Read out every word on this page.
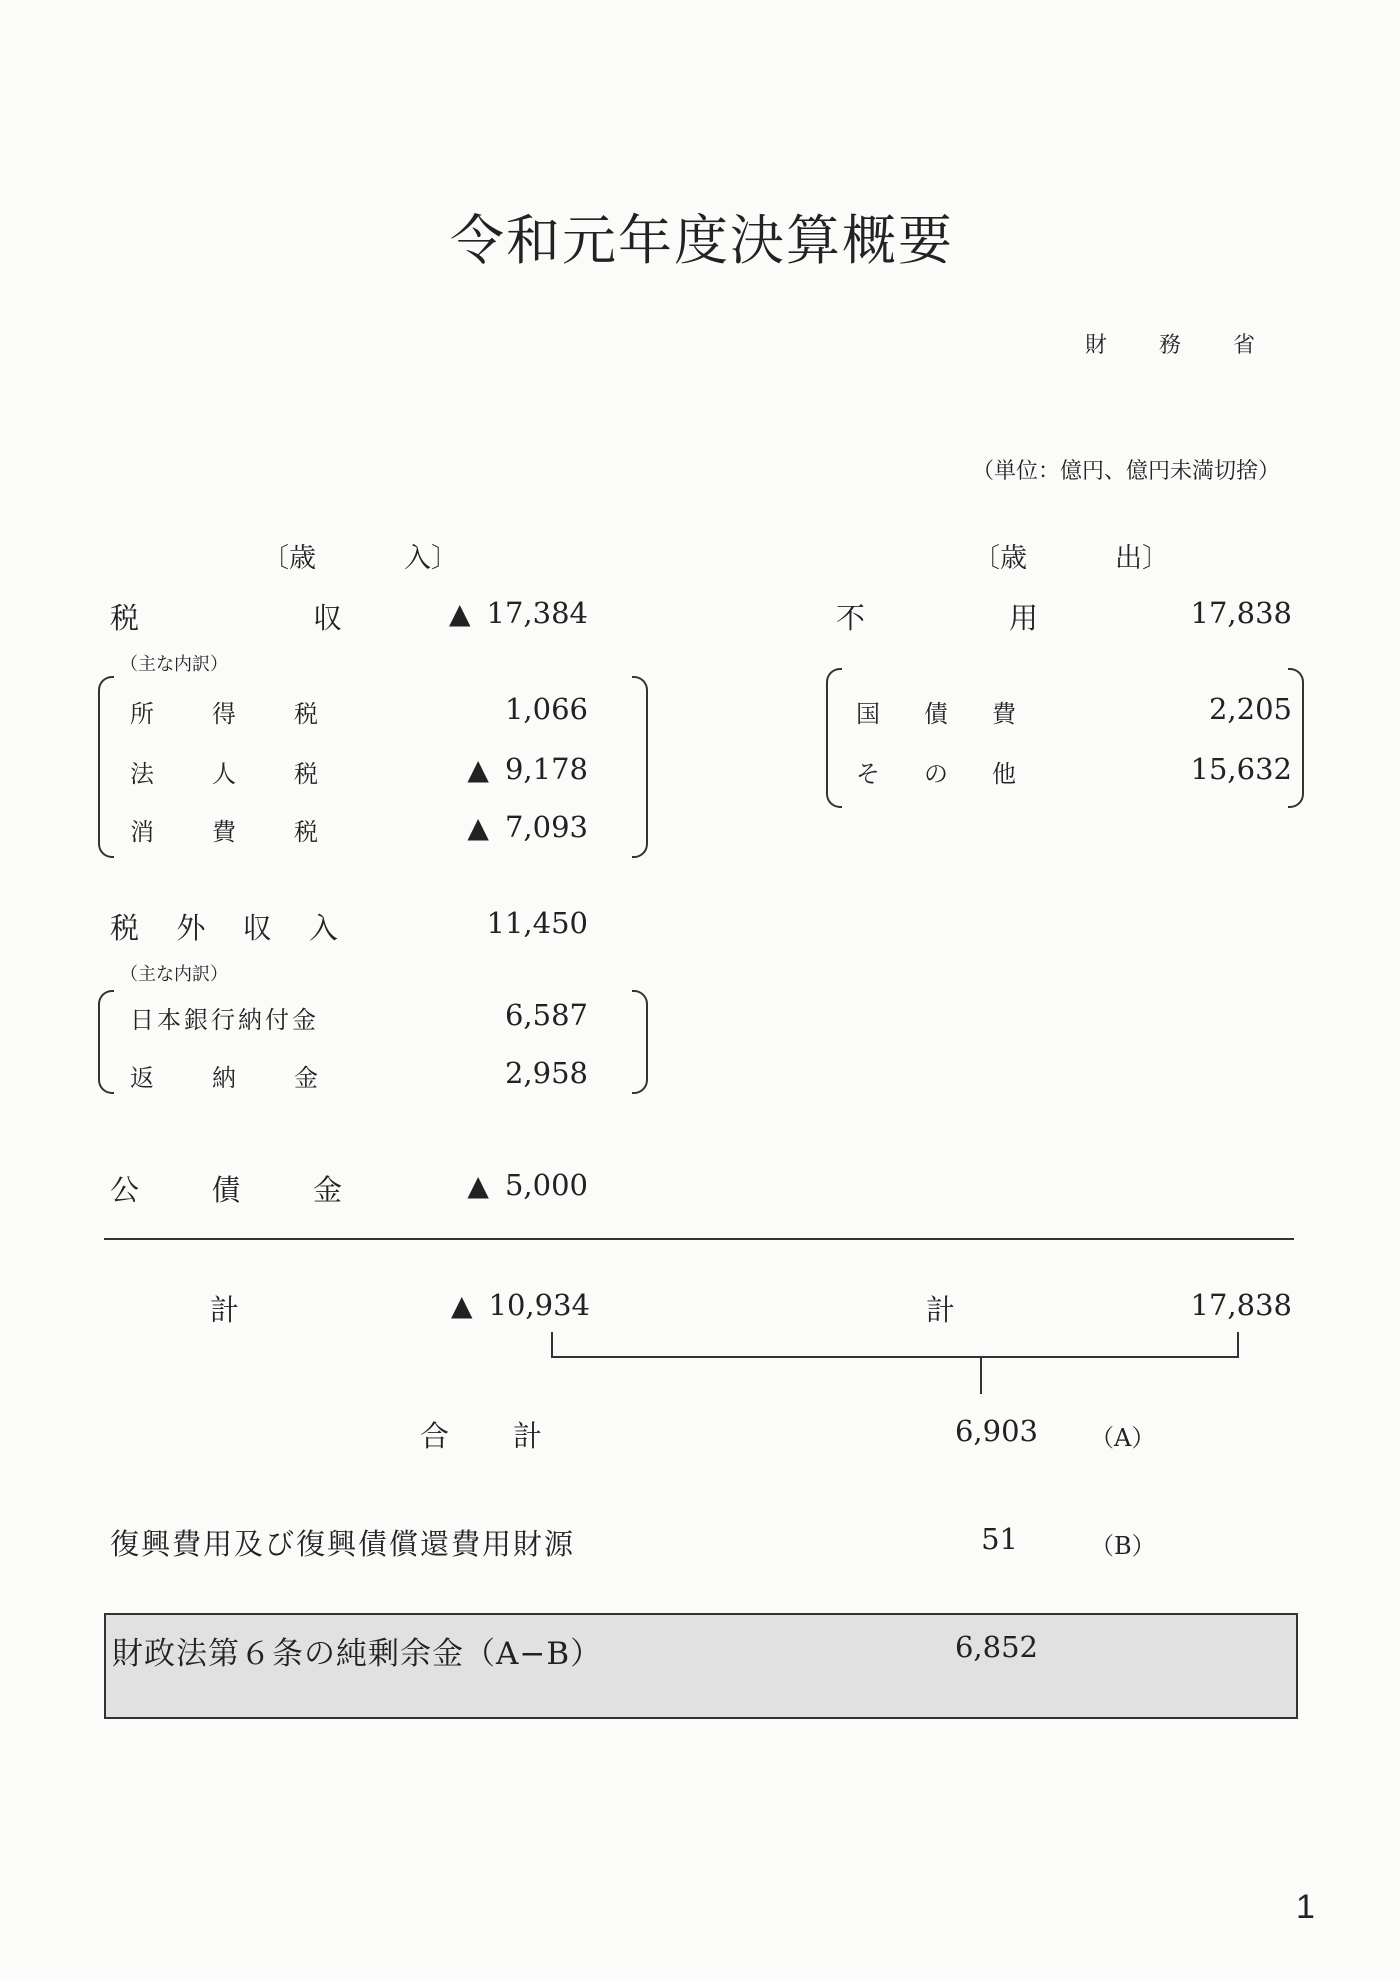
令和元年度決算概要
財 務 省
（単位：億円、億円未満切捨）
〔歳	入〕	〔歳	出〕
税	収	▲ 17,384
（主な内訳）
所 得 税	1,066
法 人 税	▲ 9,178
消 費 税	▲ 7,093
税 外 収 入	11,450
（主な内訳）
日本銀行納付金	6,587
返 納 金	2,958
公 債 金	▲ 5,000
不	用	17,838
国 債 費	2,205
そ の 他	15,632
計	▲ 10,934	計	17,838
合 計	6,903 （A）
復興費用及び復興債償還費用財源	51	（B）
財政法第６条の純剰余金（A−B）	6,852
1
